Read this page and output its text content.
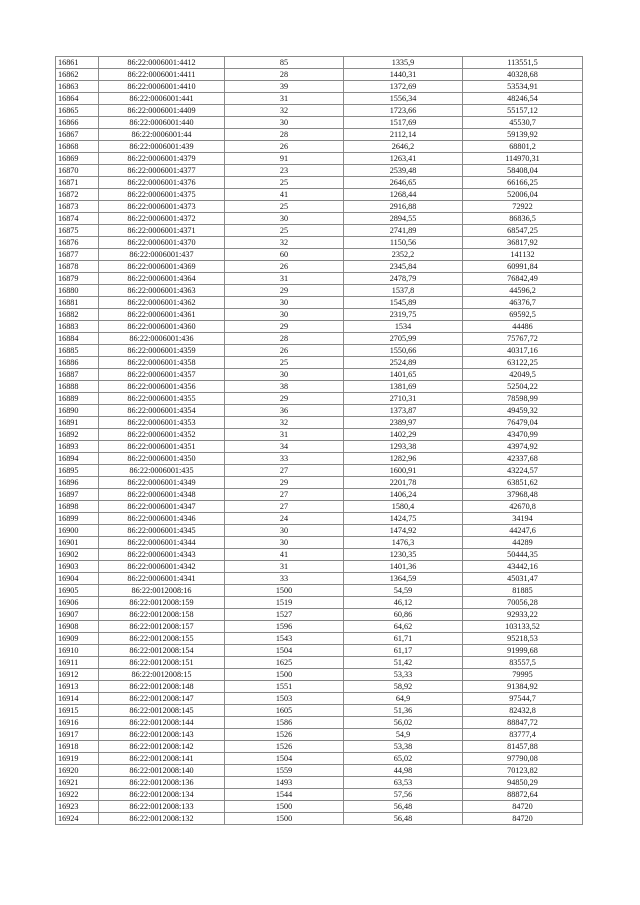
16861	86:22:0006001:4412	85	1335,9	113551,5
16862	86:22:0006001:4411	28	1440,31	40328,68
16863	86:22:0006001:4410	39	1372,69	53534,91
16864	86:22:0006001:441	31	1556,34	48246,54
16865	86:22:0006001:4409	32	1723,66	55157,12
16866	86:22:0006001:440	30	1517,69	45530,7
16867	86:22:0006001:44	28	2112,14	59139,92
16868	86:22:0006001:439	26	2646,2	68801,2
16869	86:22:0006001:4379	91	1263,41	114970,31
16870	86:22:0006001:4377	23	2539,48	58408,04
16871	86:22:0006001:4376	25	2646,65	66166,25
16872	86:22:0006001:4375	41	1268,44	52006,04
16873	86:22:0006001:4373	25	2916,88	72922
16874	86:22:0006001:4372	30	2894,55	86836,5
16875	86:22:0006001:4371	25	2741,89	68547,25
16876	86:22:0006001:4370	32	1150,56	36817,92
16877	86:22:0006001:437	60	2352,2	141132
16878	86:22:0006001:4369	26	2345,84	60991,84
16879	86:22:0006001:4364	31	2478,79	76842,49
16880	86:22:0006001:4363	29	1537,8	44596,2
16881	86:22:0006001:4362	30	1545,89	46376,7
16882	86:22:0006001:4361	30	2319,75	69592,5
16883	86:22:0006001:4360	29	1534	44486
16884	86:22:0006001:436	28	2705,99	75767,72
16885	86:22:0006001:4359	26	1550,66	40317,16
16886	86:22:0006001:4358	25	2524,89	63122,25
16887	86:22:0006001:4357	30	1401,65	42049,5
16888	86:22:0006001:4356	38	1381,69	52504,22
16889	86:22:0006001:4355	29	2710,31	78598,99
16890	86:22:0006001:4354	36	1373,87	49459,32
16891	86:22:0006001:4353	32	2389,97	76479,04
16892	86:22:0006001:4352	31	1402,29	43470,99
16893	86:22:0006001:4351	34	1293,38	43974,92
16894	86:22:0006001:4350	33	1282,96	42337,68
16895	86:22:0006001:435	27	1600,91	43224,57
16896	86:22:0006001:4349	29	2201,78	63851,62
16897	86:22:0006001:4348	27	1406,24	37968,48
16898	86:22:0006001:4347	27	1580,4	42670,8
16899	86:22:0006001:4346	24	1424,75	34194
16900	86:22:0006001:4345	30	1474,92	44247,6
16901	86:22:0006001:4344	30	1476,3	44289
16902	86:22:0006001:4343	41	1230,35	50444,35
16903	86:22:0006001:4342	31	1401,36	43442,16
16904	86:22:0006001:4341	33	1364,59	45031,47
16905	86:22:0012008:16	1500	54,59	81885
16906	86:22:0012008:159	1519	46,12	70056,28
16907	86:22:0012008:158	1527	60,86	92933,22
16908	86:22:0012008:157	1596	64,62	103133,52
16909	86:22:0012008:155	1543	61,71	95218,53
16910	86:22:0012008:154	1504	61,17	91999,68
16911	86:22:0012008:151	1625	51,42	83557,5
16912	86:22:0012008:15	1500	53,33	79995
16913	86:22:0012008:148	1551	58,92	91384,92
16914	86:22:0012008:147	1503	64,9	97544,7
16915	86:22:0012008:145	1605	51,36	82432,8
16916	86:22:0012008:144	1586	56,02	88847,72
16917	86:22:0012008:143	1526	54,9	83777,4
16918	86:22:0012008:142	1526	53,38	81457,88
16919	86:22:0012008:141	1504	65,02	97790,08
16920	86:22:0012008:140	1559	44,98	70123,82
16921	86:22:0012008:136	1493	63,53	94850,29
16922	86:22:0012008:134	1544	57,56	88872,64
16923	86:22:0012008:133	1500	56,48	84720
16924	86:22:0012008:132	1500	56,48	84720
